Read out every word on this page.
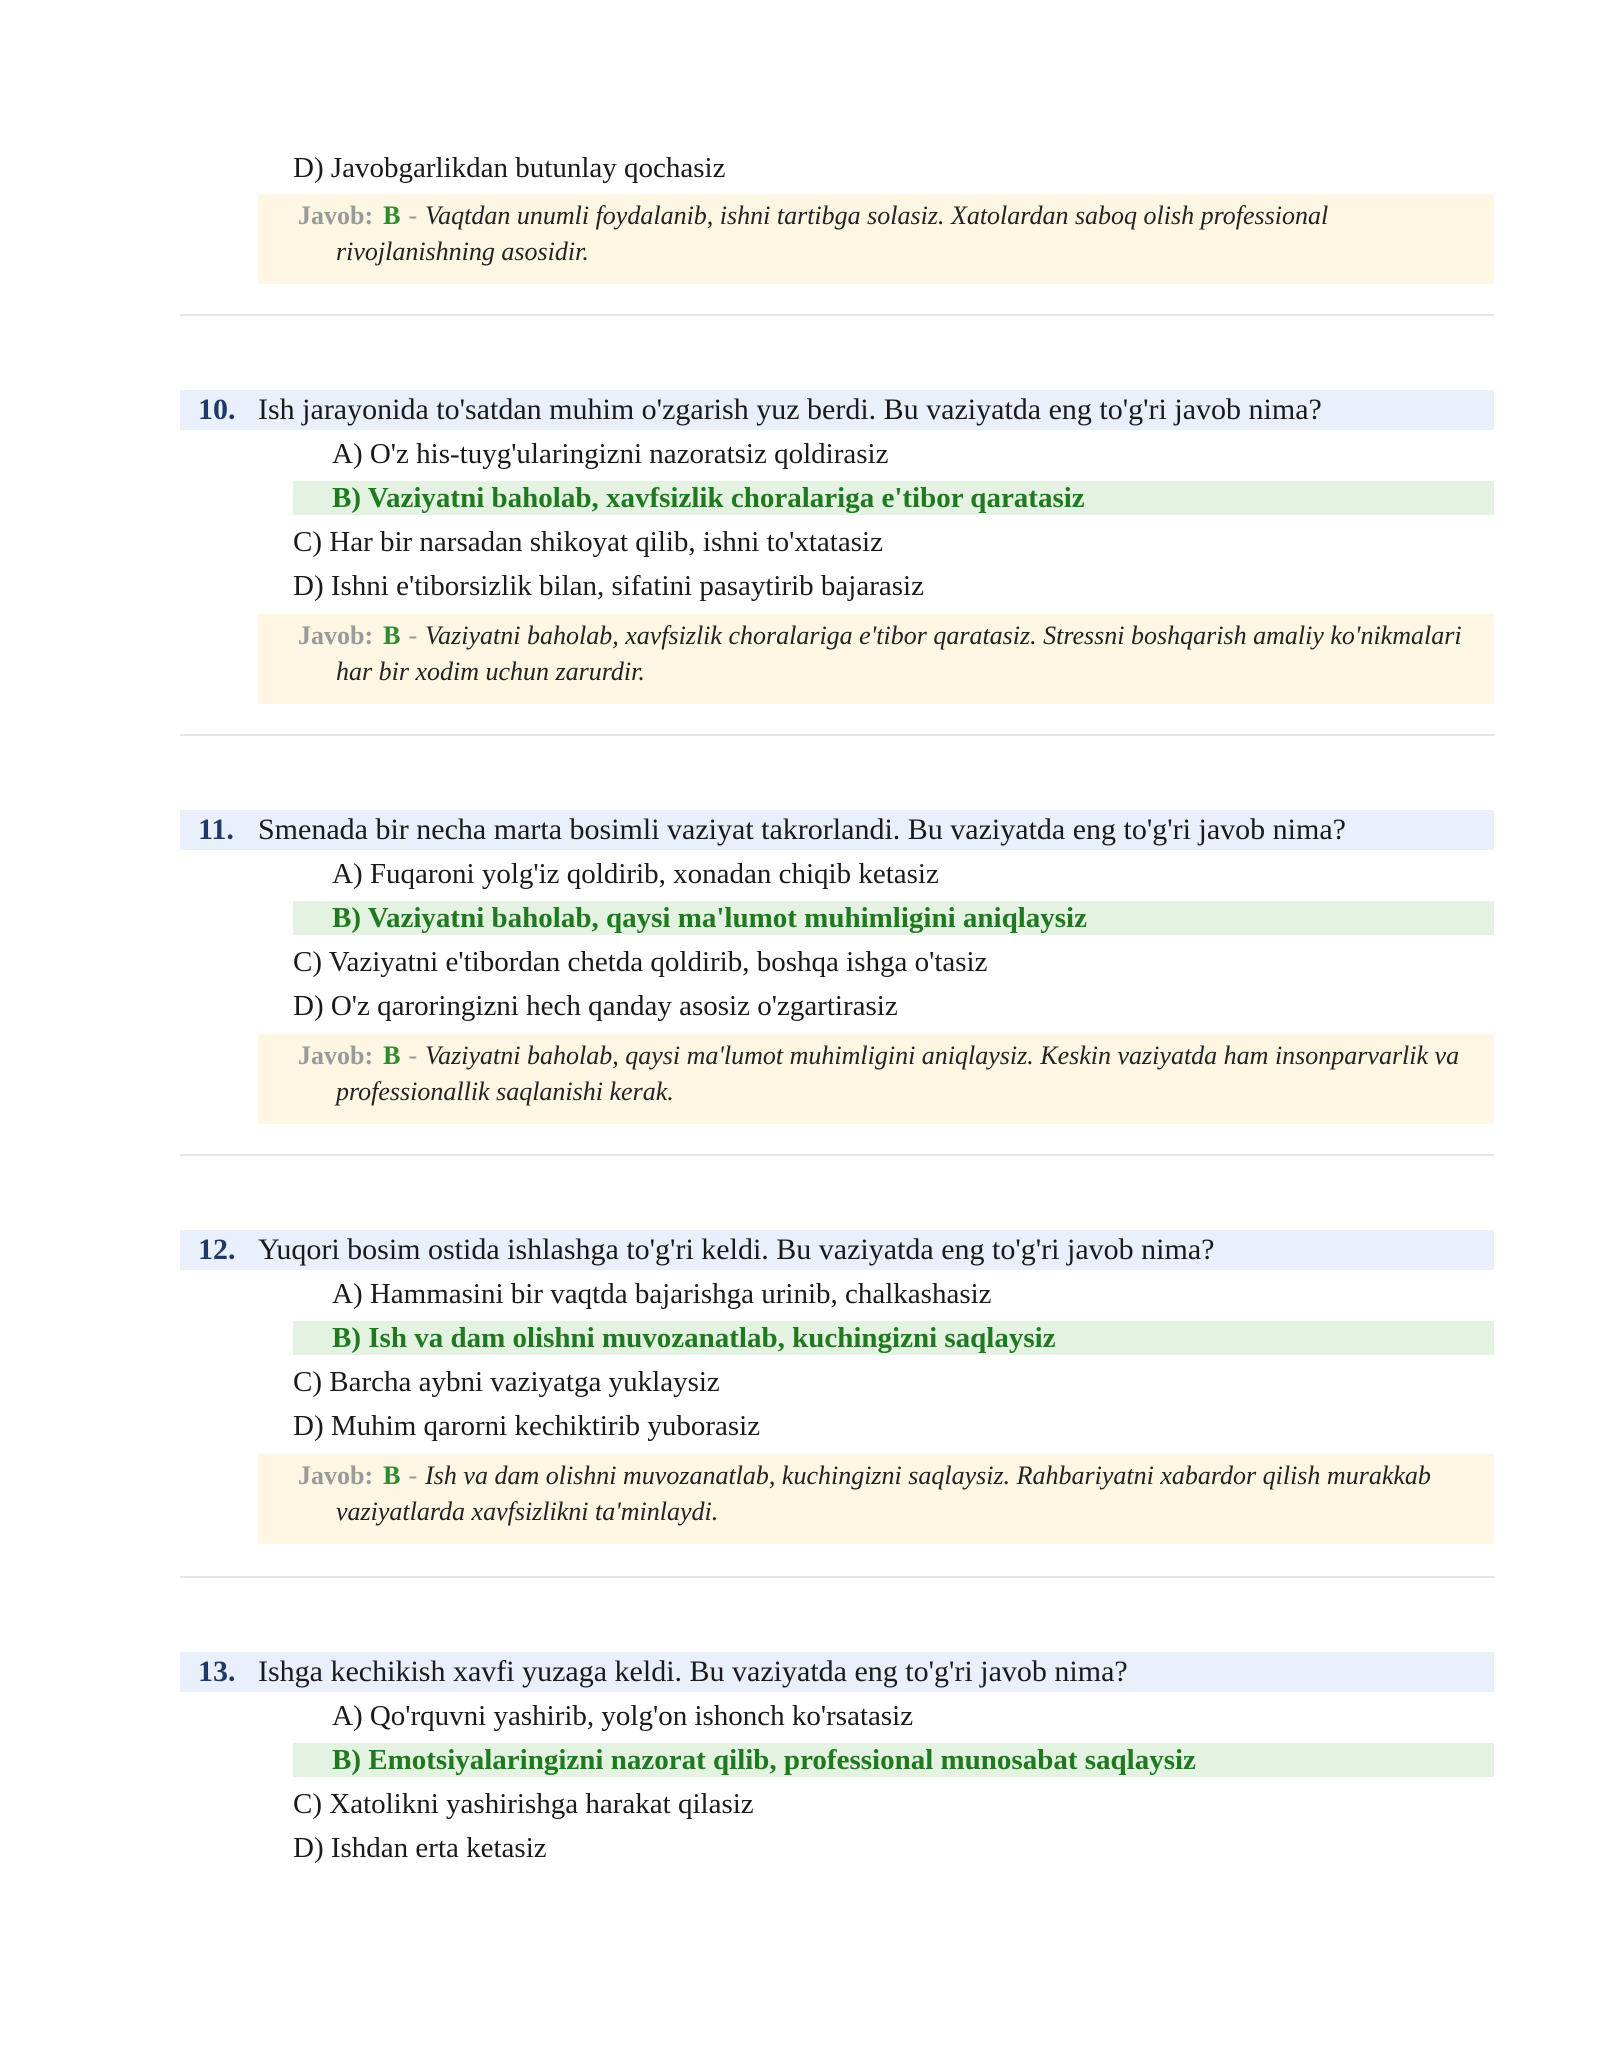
D) Javobgarlikdan butunlay qochasiz
Javob: B - Vaqtdan unumli foydalanib, ishni tartibga solasiz. Xatolardan saboq olish professional rivojlanishning asosidir.
10. Ish jarayonida to'satdan muhim o'zgarish yuz berdi. Bu vaziyatda eng to'g'ri javob nima?
A) O'z his-tuyg'ularingizni nazoratsiz qoldirasiz
B) Vaziyatni baholab, xavfsizlik choralariga e'tibor qaratasiz
C) Har bir narsadan shikoyat qilib, ishni to'xtatasiz
D) Ishni e'tiborsizlik bilan, sifatini pasaytirib bajarasiz
Javob: B - Vaziyatni baholab, xavfsizlik choralariga e'tibor qaratasiz. Stressni boshqarish amaliy ko'nikmalari har bir xodim uchun zarurdir.
11. Smenada bir necha marta bosimli vaziyat takrorlandi. Bu vaziyatda eng to'g'ri javob nima?
A) Fuqaroni yolg'iz qoldirib, xonadan chiqib ketasiz
B) Vaziyatni baholab, qaysi ma'lumot muhimligini aniqlaysiz
C) Vaziyatni e'tibordan chetda qoldirib, boshqa ishga o'tasiz
D) O'z qaroringizni hech qanday asosiz o'zgartirasiz
Javob: B - Vaziyatni baholab, qaysi ma'lumot muhimligini aniqlaysiz. Keskin vaziyatda ham insonparvarlik va professionallik saqlanishi kerak.
12. Yuqori bosim ostida ishlashga to'g'ri keldi. Bu vaziyatda eng to'g'ri javob nima?
A) Hammasini bir vaqtda bajarishga urinib, chalkashasiz
B) Ish va dam olishni muvozanatlab, kuchingizni saqlaysiz
C) Barcha aybni vaziyatga yuklaysiz
D) Muhim qarorni kechiktirib yuborasiz
Javob: B - Ish va dam olishni muvozanatlab, kuchingizni saqlaysiz. Rahbariyatni xabardor qilish murakkab vaziyatlarda xavfsizlikni ta'minlaydi.
13. Ishga kechikish xavfi yuzaga keldi. Bu vaziyatda eng to'g'ri javob nima?
A) Qo'rquvni yashirib, yolg'on ishonch ko'rsatasiz
B) Emotsiyalaringizni nazorat qilib, professional munosabat saqlaysiz
C) Xatolikni yashirishga harakat qilasiz
D) Ishdan erta ketasiz
